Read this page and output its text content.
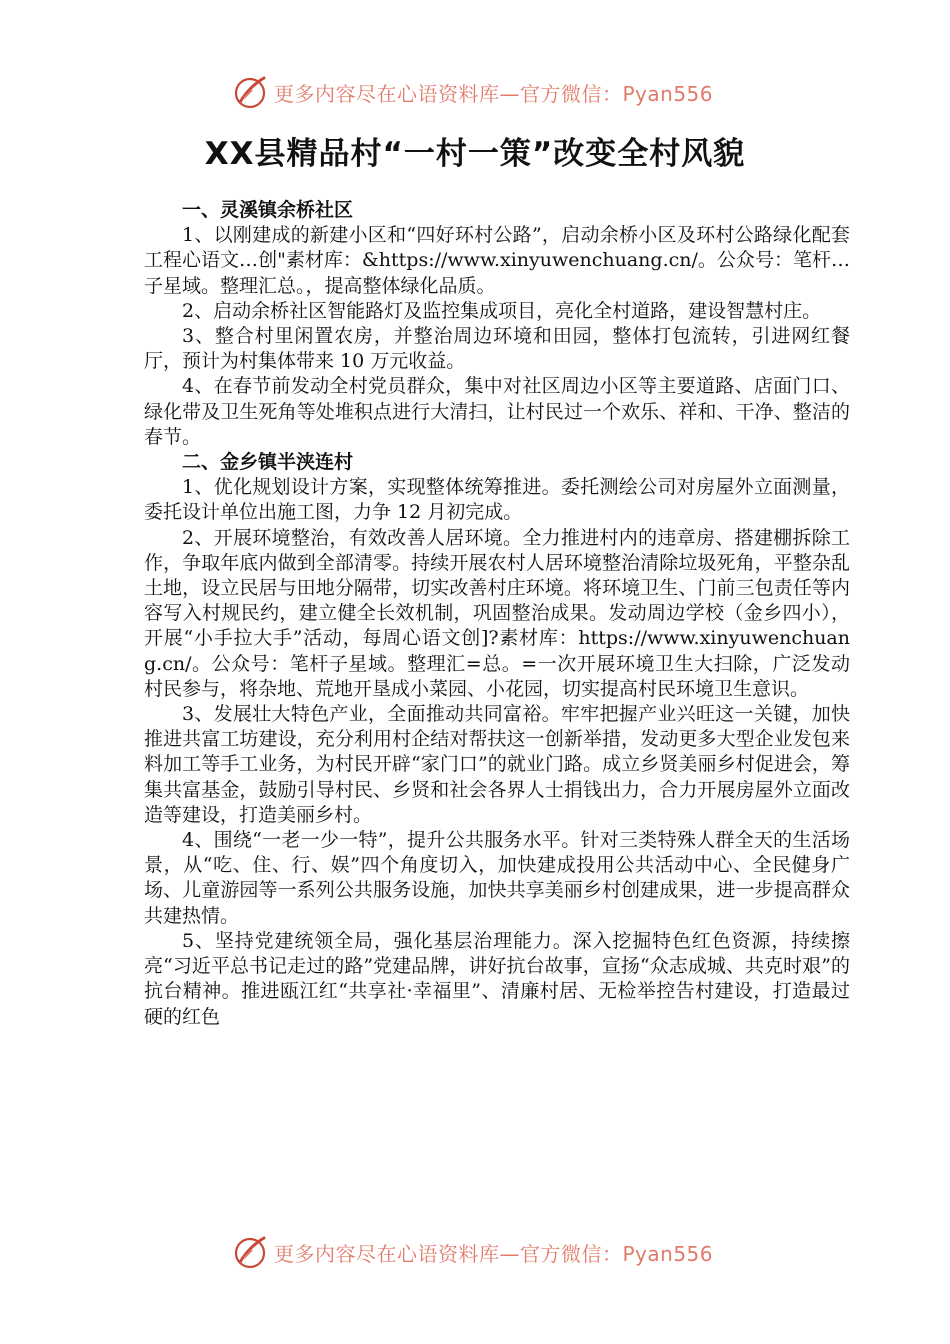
更多内容尽在心语资料库—官方微信：Pyan556
XX县精品村“一村一策”改变全村风貌

一、灵溪镇余桥社区

1、以刚建成的新建小区和“四好环村公路”，启动余桥小区及环村公路绿化配套工程心语文…创"素材库：&https://www.xinyuwenchuang.cn/。公众号：笔杆…子星域。整理汇总。，提高整体绿化品质。

2、启动余桥社区智能路灯及监控集成项目，亮化全村道路，建设智慧村庄。

3、整合村里闲置农房，并整治周边环境和田园，整体打包流转，引进网红餐厅，预计为村集体带来 10 万元收益。

4、在春节前发动全村党员群众，集中对社区周边小区等主要道路、店面门口、绿化带及卫生死角等处堆积点进行大清扫，让村民过一个欢乐、祥和、干净、整洁的春节。

二、金乡镇半浃连村

1、优化规划设计方案，实现整体统筹推进。委托测绘公司对房屋外立面测量，委托设计单位出施工图，力争 12 月初完成。

2、开展环境整治，有效改善人居环境。全力推进村内的违章房、搭建棚拆除工作，争取年底内做到全部清零。持续开展农村人居环境整治清除垃圾死角，平整杂乱土地，设立民居与田地分隔带，切实改善村庄环境。将环境卫生、门前三包责任等内容写入村规民约，建立健全长效机制，巩固整治成果。发动周边学校（金乡四小），开展“小手拉大手”活动，每周心语文创]?素材库：https://www.xinyuwenchuang.cn/。公众号：笔杆子星域。整理汇=总。=一次开展环境卫生大扫除，广泛发动村民参与，将杂地、荒地开垦成小菜园、小花园，切实提高村民环境卫生意识。

3、发展壮大特色产业，全面推动共同富裕。牢牢把握产业兴旺这一关键，加快推进共富工坊建设，充分利用村企结对帮扶这一创新举措，发动更多大型企业发包来料加工等手工业务，为村民开辟“家门口”的就业门路。成立乡贤美丽乡村促进会，筹集共富基金，鼓励引导村民、乡贤和社会各界人士捐钱出力，合力开展房屋外立面改造等建设，打造美丽乡村。

4、围绕“一老一少一特”，提升公共服务水平。针对三类特殊人群全天的生活场景，从“吃、住、行、娱”四个角度切入，加快建成投用公共活动中心、全民健身广场、儿童游园等一系列公共服务设施，加快共享美丽乡村创建成果，进一步提高群众共建热情。

5、坚持党建统领全局，强化基层治理能力。深入挖掘特色红色资源，持续擦亮“习近平总书记走过的路”党建品牌，讲好抗台故事，宣扬“众志成城、共克时艰”的抗台精神。推进瓯江红“共享社·幸福里”、清廉村居、无检举控告村建设，打造最过硬的红色

更多内容尽在心语资料库—官方微信：Pyan556
